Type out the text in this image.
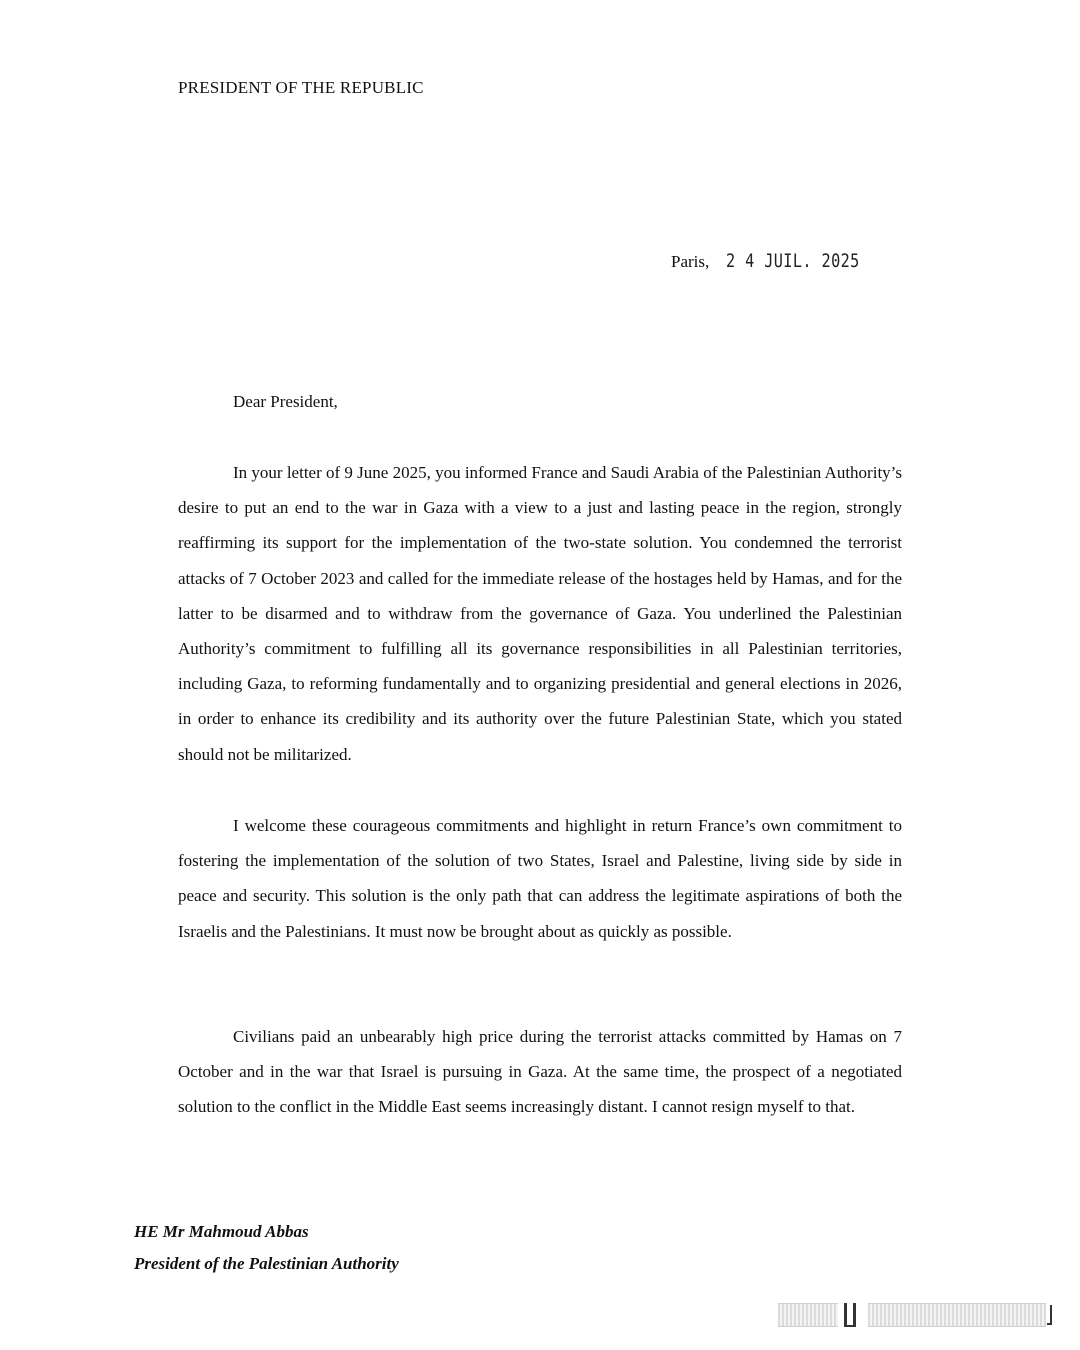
PRESIDENT OF THE REPUBLIC
Paris, 2 4 JUIL. 2025
Dear President,

In your letter of 9 June 2025, you informed France and Saudi Arabia of the Palestinian Authority’s desire to put an end to the war in Gaza with a view to a just and lasting peace in the region, strongly reaffirming its support for the implementation of the two-state solution. You condemned the terrorist attacks of 7 October 2023 and called for the immediate release of the hostages held by Hamas, and for the latter to be disarmed and to withdraw from the governance of Gaza. You underlined the Palestinian Authority’s commitment to fulfilling all its governance responsibilities in all Palestinian territories, including Gaza, to reforming fundamentally and to organizing presidential and general elections in 2026, in order to enhance its credibility and its authority over the future Palestinian State, which you stated should not be militarized.

I welcome these courageous commitments and highlight in return France’s own commitment to fostering the implementation of the solution of two States, Israel and Palestine, living side by side in peace and security. This solution is the only path that can address the legitimate aspirations of both the Israelis and the Palestinians. It must now be brought about as quickly as possible.

Civilians paid an unbearably high price during the terrorist attacks committed by Hamas on 7 October and in the war that Israel is pursuing in Gaza. At the same time, the prospect of a negotiated solution to the conflict in the Middle East seems increasingly distant. I cannot resign myself to that.

HE Mr Mahmoud Abbas
President of the Palestinian Authority
